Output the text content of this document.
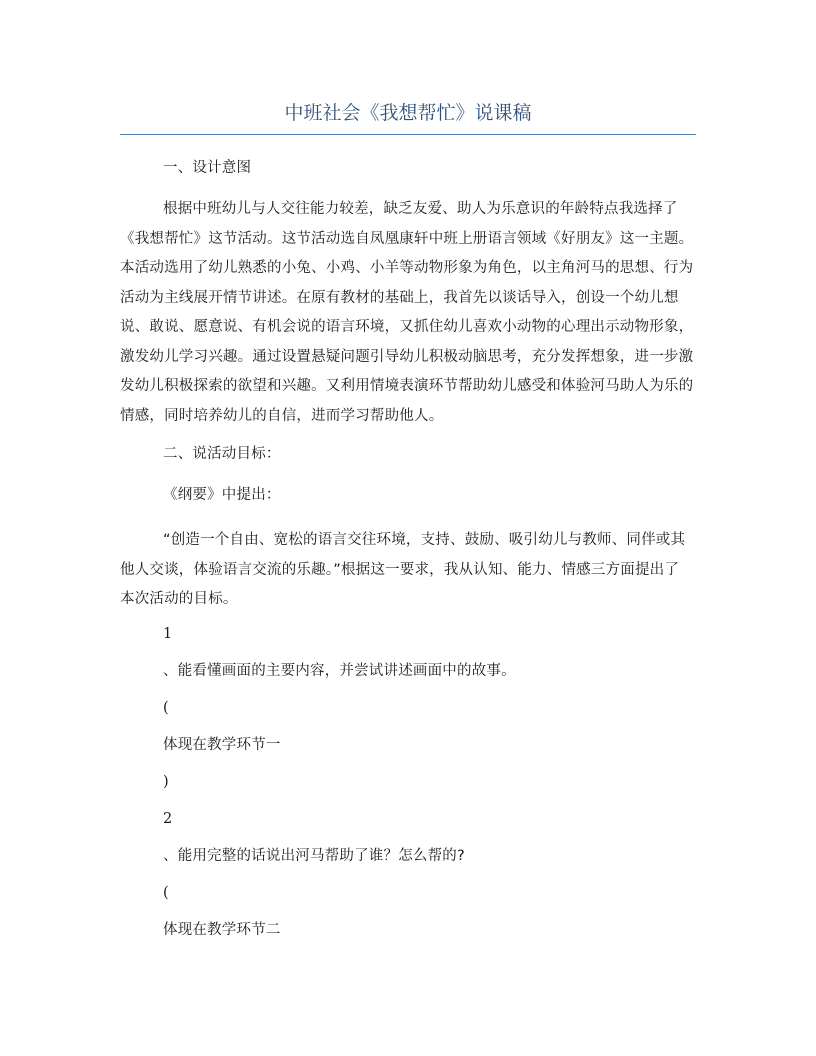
中班社会《我想帮忙》说课稿
一、设计意图
根据中班幼儿与人交往能力较差，缺乏友爱、助人为乐意识的年龄特点我选择了
《我想帮忙》这节活动。这节活动选自凤凰康轩中班上册语言领域《好朋友》这一主题。
本活动选用了幼儿熟悉的小兔、小鸡、小羊等动物形象为角色，以主角河马的思想、行为
活动为主线展开情节讲述。在原有教材的基础上，我首先以谈话导入，创设一个幼儿想
说、敢说、愿意说、有机会说的语言环境，又抓住幼儿喜欢小动物的心理出示动物形象，
激发幼儿学习兴趣。通过设置悬疑问题引导幼儿积极动脑思考，充分发挥想象，进一步激
发幼儿积极探索的欲望和兴趣。又利用情境表演环节帮助幼儿感受和体验河马助人为乐的
情感，同时培养幼儿的自信，进而学习帮助他人。
二、说活动目标：
《纲要》中提出：
“创造一个自由、宽松的语言交往环境，支持、鼓励、吸引幼儿与教师、同伴或其
他人交谈，体验语言交流的乐趣。”根据这一要求，我从认知、能力、情感三方面提出了
本次活动的目标。
1
、能看懂画面的主要内容，并尝试讲述画面中的故事。
(
体现在教学环节一
)
2
、能用完整的话说出河马帮助了谁？怎么帮的?
(
体现在教学环节二
